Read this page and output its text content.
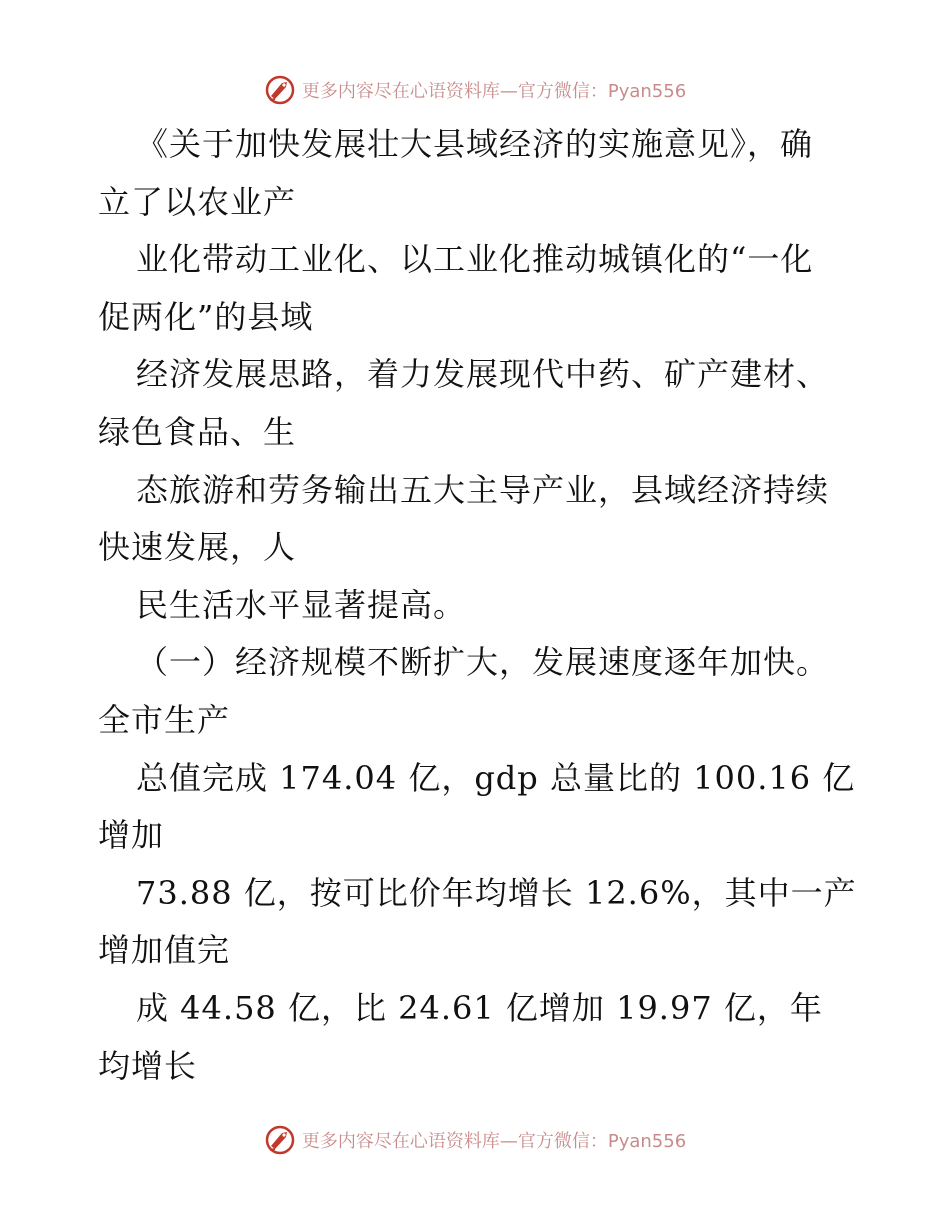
更多内容尽在心语资料库—官方微信：Pyan556
《关于加快发展壮大县域经济的实施意见》，确
立了以农业产
业化带动工业化、以工业化推动城镇化的“一化
促两化”的县域
经济发展思路，着力发展现代中药、矿产建材、
绿色食品、生
态旅游和劳务输出五大主导产业，县域经济持续
快速发展，人
民生活水平显著提高。
（一）经济规模不断扩大，发展速度逐年加快。
全市生产
总值完成 174.04 亿，gdp 总量比的 100.16 亿
增加
73.88 亿，按可比价年均增长 12.6%，其中一产
增加值完
成 44.58 亿，比 24.61 亿增加 19.97 亿，年
均增长
更多内容尽在心语资料库—官方微信：Pyan556
